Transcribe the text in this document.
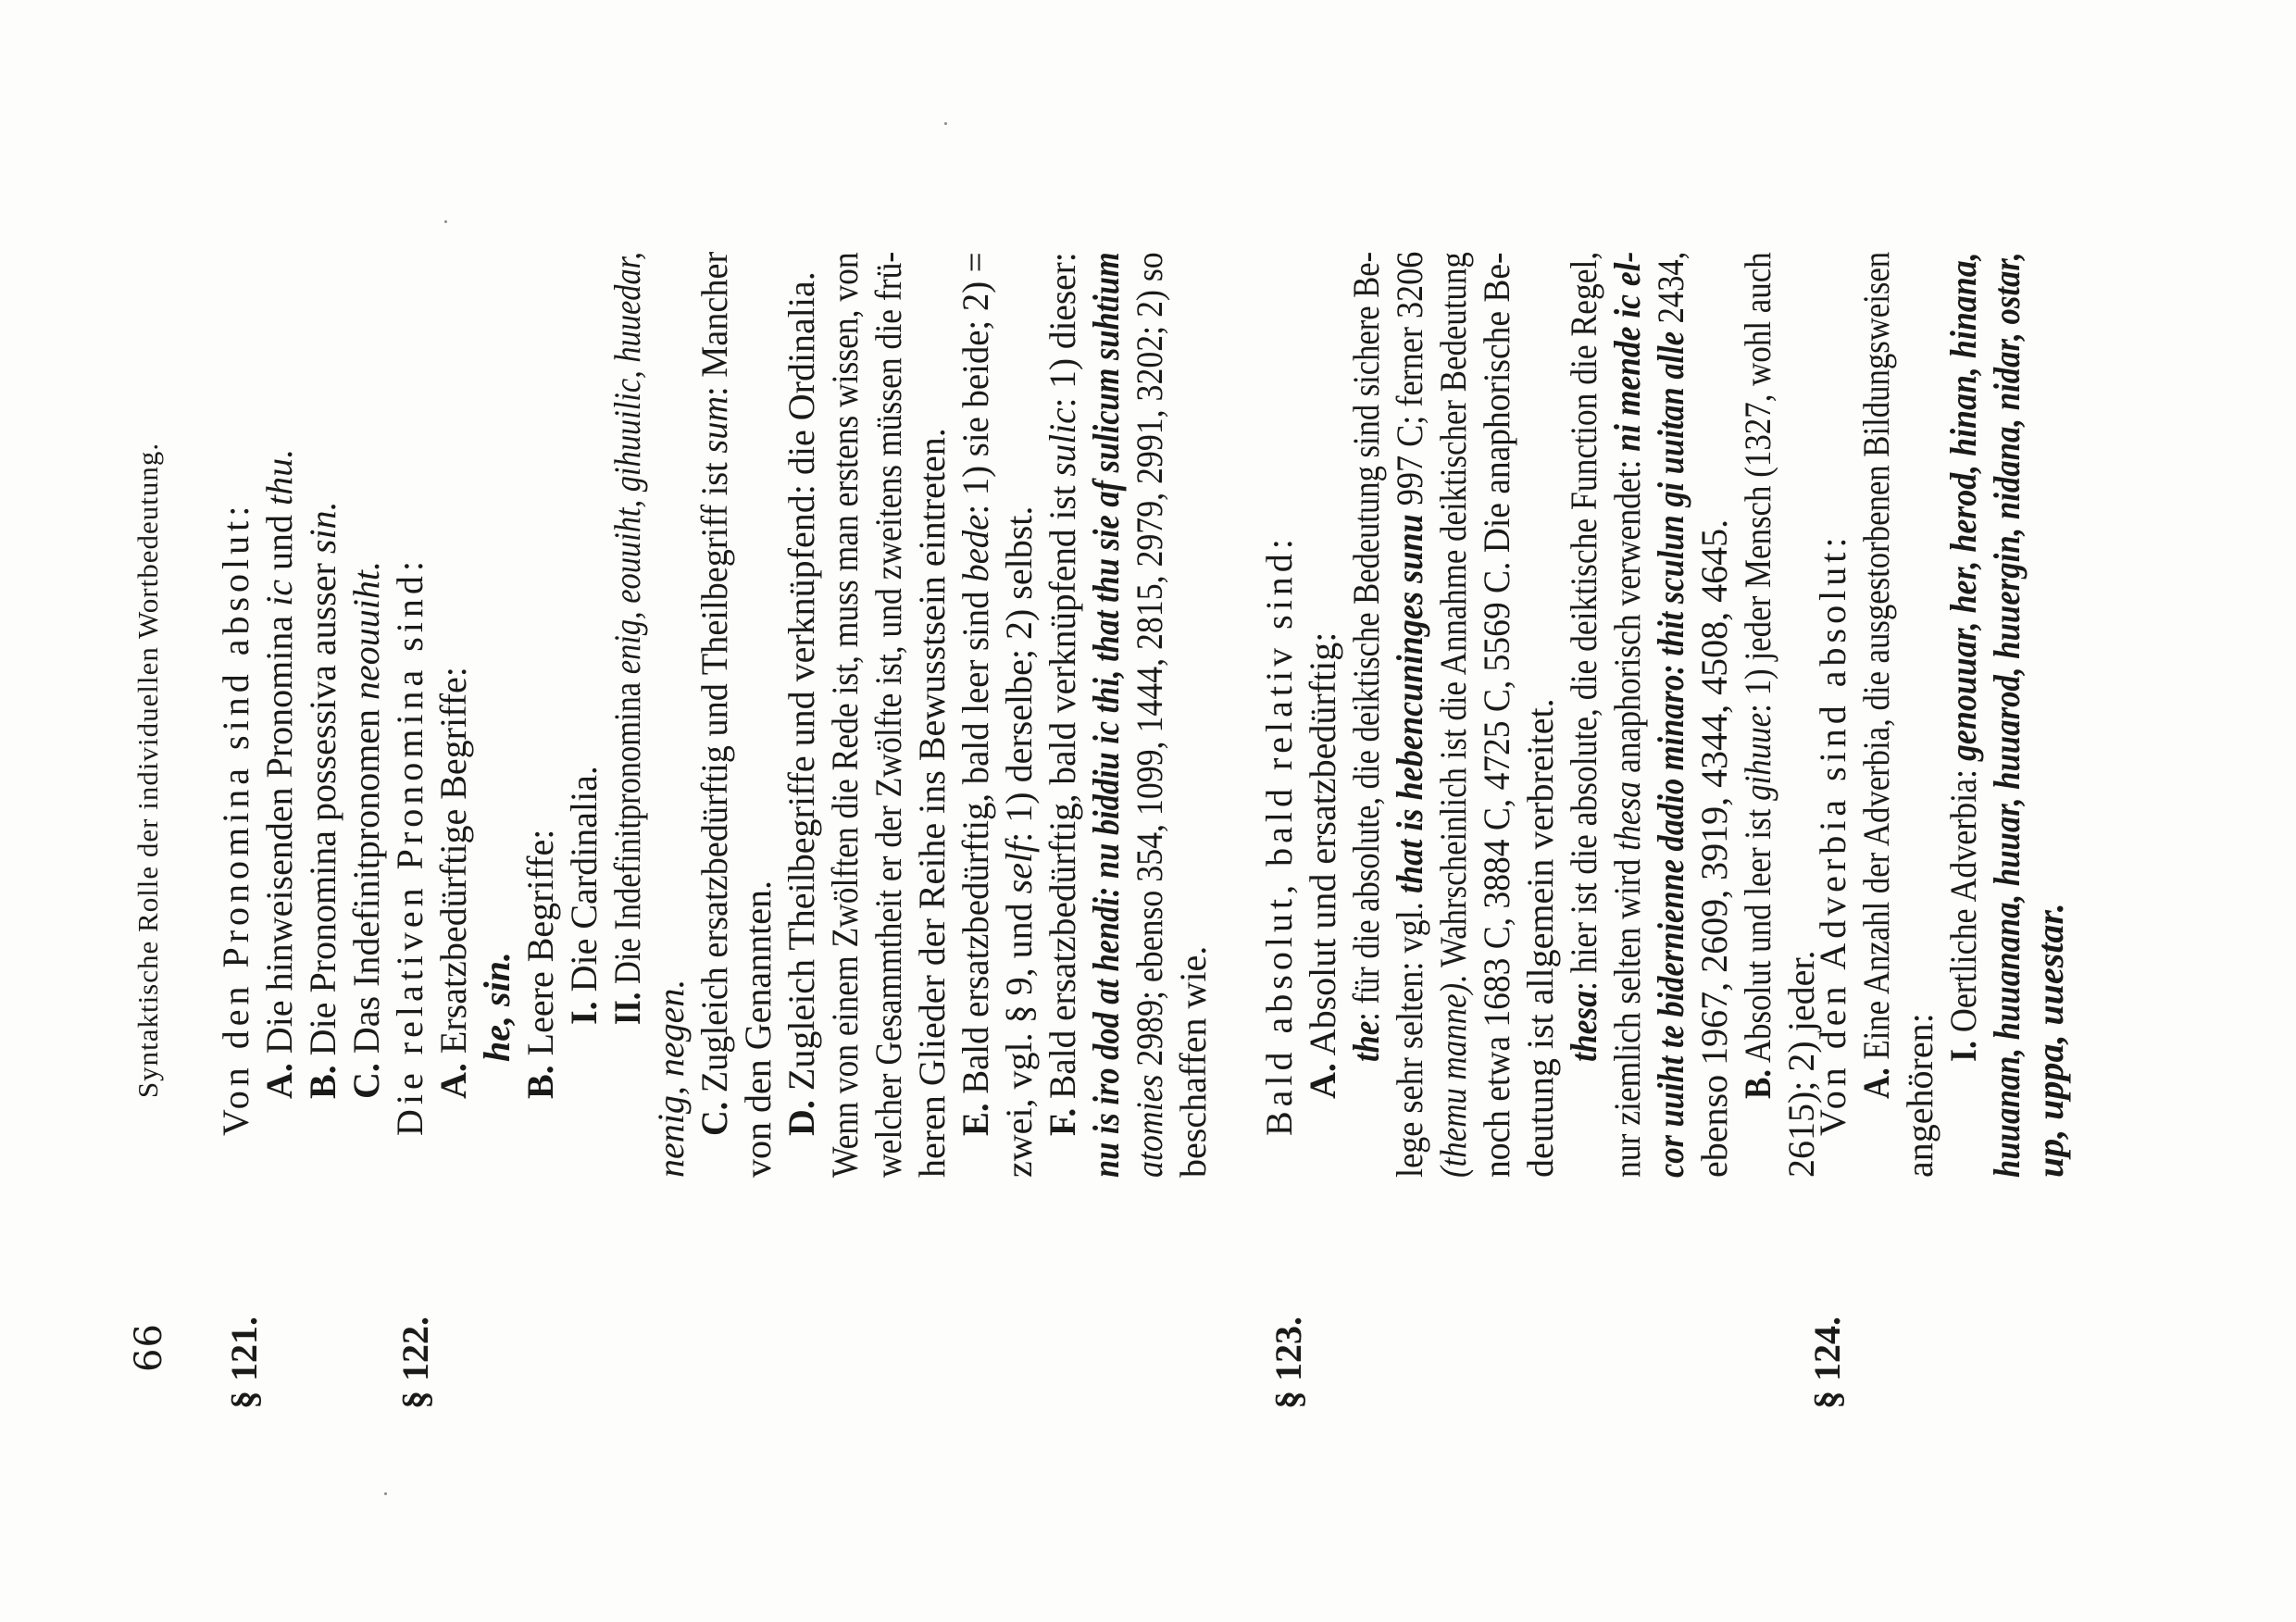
66
Syntaktische Rolle der individuellen Wortbedeutung.
§ 121.	§ 122.	§ 123.	§ 124.
Von den Pronomina sind absolut: A. Die hinweisenden Pronomina ic und thu.
B. Die Pronomina possessiva ausser sin.
C. Das Indefinitpronomen neouuiht. Die relativen Pronomina sind: A. Ersatzbedürftige Begriffe: he, sin.
B. Leere Begriffe: I. Die Cardinalia.
II. Die Indefinitpronomina enig, eouuiht, gihuuilic, huuedar,
nenig, negen. C. Zugleich ersatzbedürftig und Theilbegriff ist sum: Mancher
von den Genannten. D. Zugleich Theilbegriffe und verknüpfend: die Ordinalia. Wenn von einem Zwölften die Rede ist, muss man erstens wissen, von welcher Gesammtheit er der Zwölfte ist, und zweitens müssen die frü- heren Glieder der Reihe ins Bewusstsein eintreten. E. Bald ersatzbedürftig, bald leer sind bede: 1) sie beide; 2) =
zwei, vgl. § 9, und self: 1) derselbe; 2) selbst.
F. Bald ersatzbedürftig, bald verknüpfend ist sulic: 1) dieser:
nu is iro dod at hendi: nu biddiu ic thi, that thu sie af sulicum suhtium
atomies 2989; ebenso 354, 1099, 1444, 2815, 2979, 2991, 3202; 2) so beschaffen wie. Bald absolut, bald relativ sind: A. Absolut und ersatzbedürftig: the: für die absolute, die deiktische Bedeutung sind sichere Be-
lege sehr selten: vgl. that is hebencuninges sunu 997 C; ferner 3206
(themu manne). Wahrscheinlich ist die Annahme deiktischer Bedeutung noch etwa 1683 C, 3884 C, 4725 C, 5569 C. Die anaphorische Be- deutung ist allgemein verbreitet. thesa: hier ist die absolute, die deiktische Function die Regel,
nur ziemlich selten wird thesa anaphorisch verwendet: ni mende ic el- cor uuiht te bidernienne dadio minaro: thit sculun gi uuitan alle 2434,
ebenso 1967, 2609, 3919, 4344, 4508, 4645. B. Absolut und leer ist gihuue: 1) jeder Mensch (1327, wohl auch
2615); 2) jeder.
Von den Adverbia sind absolut: A. Eine Anzahl der Adverbia, die ausgestorbenen Bildungsweisen
angehören: I. Oertliche Adverbia: genouuar, her, herod, hinan, hinana, huuanan, huuanana, huuar, huuarod, huuergin, nidana, nidar, ostar, up, uppa, uuestar.
